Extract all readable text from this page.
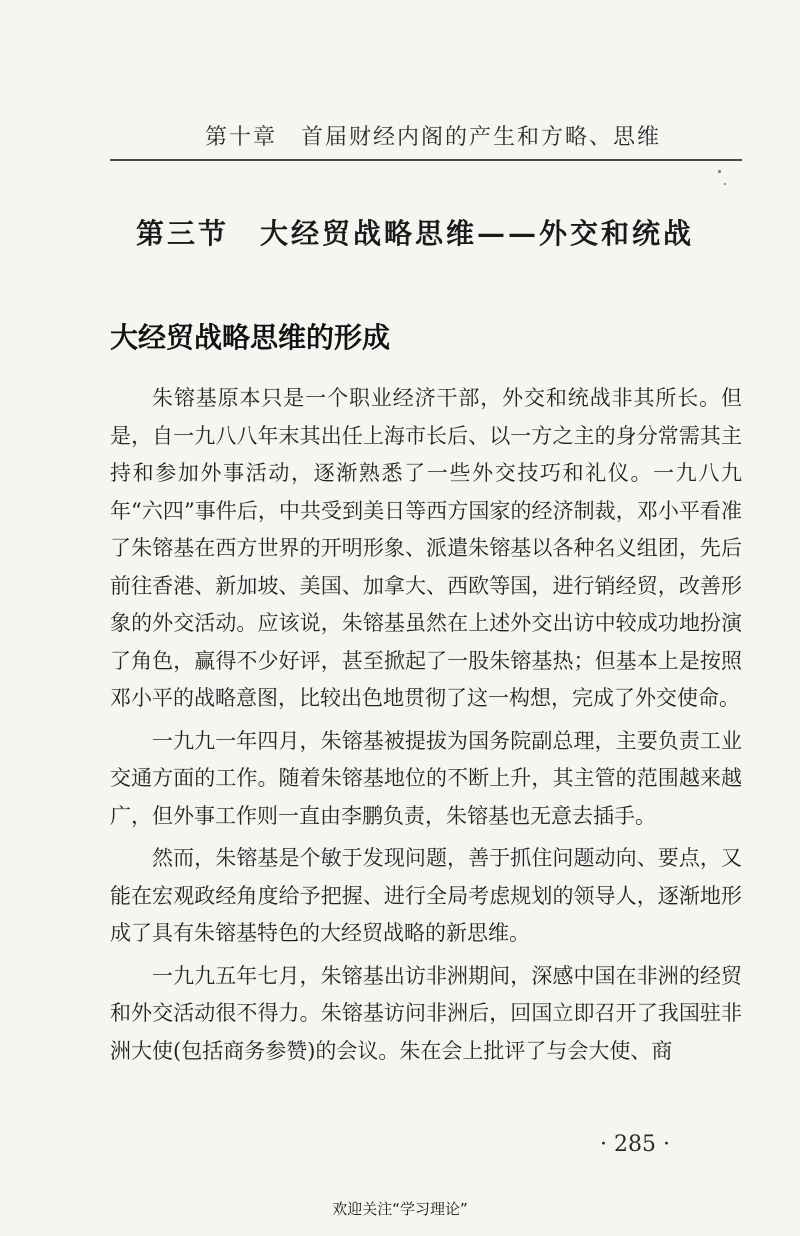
第十章　首届财经内阁的产生和方略、思维
第三节　大经贸战略思维——外交和统战
大经贸战略思维的形成

朱镕基原本只是一个职业经济干部，外交和统战非其所长。但是，自一九八八年末其出任上海市长后、以一方之主的身分常需其主持和参加外事活动，逐渐熟悉了一些外交技巧和礼仪。一九八九年“六四”事件后，中共受到美日等西方国家的经济制裁，邓小平看准了朱镕基在西方世界的开明形象、派遣朱镕基以各种名义组团，先后前往香港、新加坡、美国、加拿大、西欧等国，进行销经贸，改善形象的外交活动。应该说，朱镕基虽然在上述外交出访中较成功地扮演了角色，赢得不少好评，甚至掀起了一股朱镕基热；但基本上是按照邓小平的战略意图，比较出色地贯彻了这一构想，完成了外交使命。

一九九一年四月，朱镕基被提拔为国务院副总理，主要负责工业交通方面的工作。随着朱镕基地位的不断上升，其主管的范围越来越广，但外事工作则一直由李鹏负责，朱镕基也无意去插手。

然而，朱镕基是个敏于发现问题，善于抓住问题动向、要点，又能在宏观政经角度给予把握、进行全局考虑规划的领导人，逐渐地形成了具有朱镕基特色的大经贸战略的新思维。

一九九五年七月，朱镕基出访非洲期间，深感中国在非洲的经贸和外交活动很不得力。朱镕基访问非洲后，回国立即召开了我国驻非洲大使(包括商务参赞)的会议。朱在会上批评了与会大使、商

· 285 ·
欢迎关注“学习理论”
